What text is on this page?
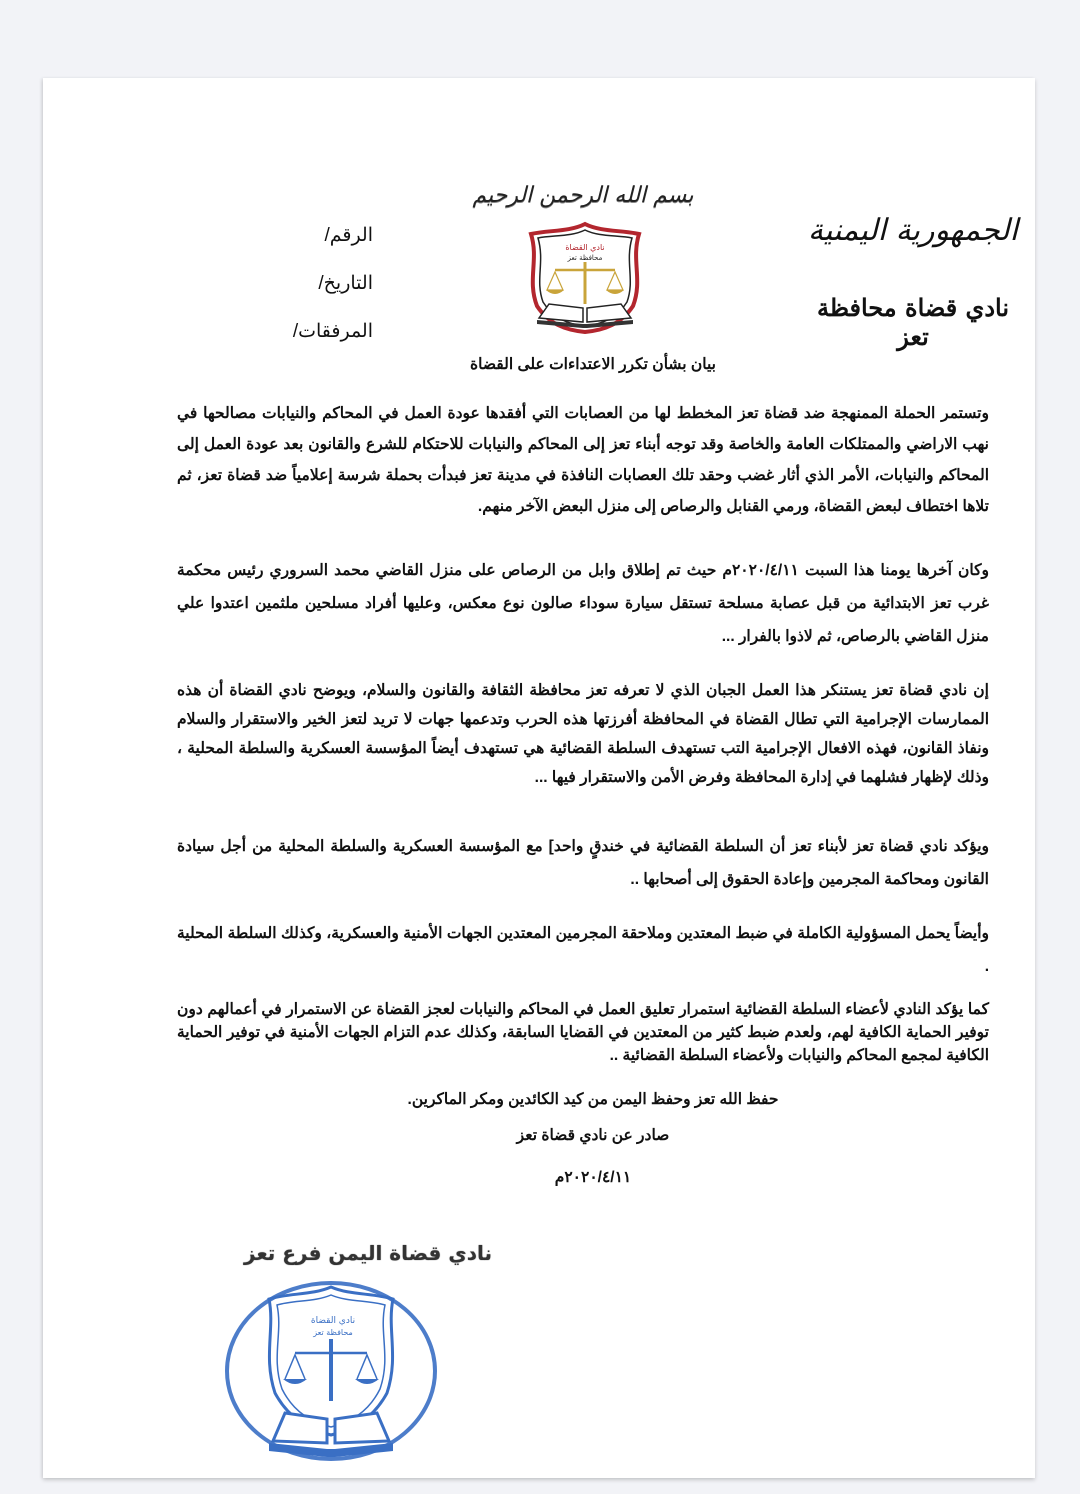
بسم الله الرحمن الرحيم
نادي القضاة
محافظة تعز
الجمهورية اليمنية
نادي قضاة محافظة تعز
الرقم/
التاريخ/
المرفقات/
بيان بشأن تكرر الاعتداءات على القضاة
وتستمر الحملة الممنهجة ضد قضاة تعز المخطط لها من العصابات التي أفقدها عودة العمل في المحاكم والنيابات مصالحها في نهب الاراضي والممتلكات العامة والخاصة وقد توجه أبناء تعز إلى المحاكم والنيابات للاحتكام للشرع والقانون بعد عودة العمل إلى المحاكم والنيابات، الأمر الذي أثار غضب وحقد تلك العصابات النافذة في مدينة تعز فبدأت بحملة شرسة إعلامياً ضد قضاة تعز، ثم تلاها اختطاف لبعض القضاة، ورمي القنابل والرصاص إلى منزل البعض الآخر منهم.
وكان آخرها يومنا هذا السبت ٢٠٢٠/٤/١١م حيث تم إطلاق وابل من الرصاص على منزل القاضي محمد السروري رئيس محكمة غرب تعز الابتدائية من قبل عصابة مسلحة تستقل سيارة سوداء صالون نوع معكس، وعليها أفراد مسلحين ملثمين اعتدوا علي منزل القاضي بالرصاص، ثم لاذوا بالفرار ...
إن نادي قضاة تعز يستنكر هذا العمل الجبان الذي لا تعرفه تعز محافظة الثقافة والقانون والسلام، ويوضح نادي القضاة أن هذه الممارسات الإجرامية التي تطال القضاة في المحافظة أفرزتها هذه الحرب وتدعمها جهات لا تريد لتعز الخير والاستقرار والسلام ونفاذ القانون، فهذه الافعال الإجرامية التب تستهدف السلطة القضائية هي تستهدف أيضاً المؤسسة العسكرية والسلطة المحلية ، وذلك لإظهار فشلهما في إدارة المحافظة وفرض الأمن والاستقرار فيها ...
ويؤكد نادي قضاة تعز لأبناء تعز أن السلطة القضائية في خندقٍ واحد] مع المؤسسة العسكرية والسلطة المحلية من أجل سيادة القانون ومحاكمة المجرمين وإعادة الحقوق إلى أصحابها ..
وأيضاً يحمل المسؤولية الكاملة في ضبط المعتدين وملاحقة المجرمين المعتدين الجهات الأمنية والعسكرية، وكذلك السلطة المحلية .
كما يؤكد النادي لأعضاء السلطة القضائية استمرار تعليق العمل في المحاكم والنيابات لعجز القضاة عن الاستمرار في أعمالهم دون توفير الحماية الكافية لهم، ولعدم ضبط كثير من المعتدين في القضايا السابقة، وكذلك عدم التزام الجهات الأمنية في توفير الحماية الكافية لمجمع المحاكم والنيابات ولأعضاء السلطة القضائية ..
حفظ الله تعز وحفظ اليمن من كيد الكائدين ومكر الماكرين.
صادر عن نادي قضاة تعز
٢٠٢٠/٤/١١م
نادي قضاة اليمن فرع تعز
نادي القضاة
محافظة تعز
